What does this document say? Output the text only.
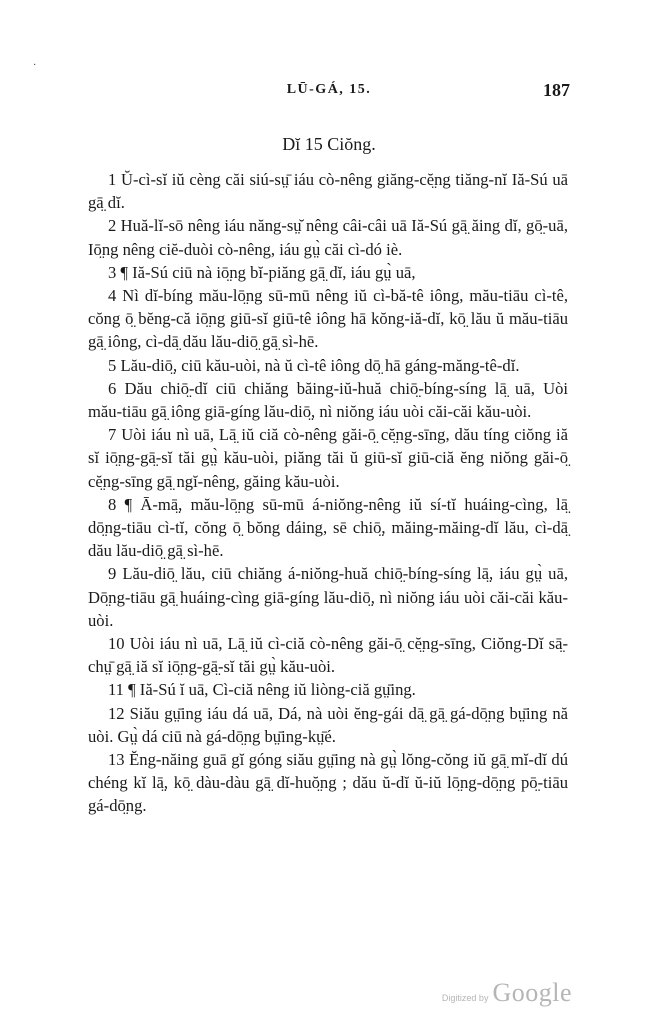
·
LŪ-GÁ, 15.	187
Dĭ 15 Ciŏng.

1 Ŭ-cì-sĭ iŭ cèng căi siú-sṳ̄ iáu cò-nêng giăng-cĕ̤ng tiăng-nĭ Iă-Sú uā gā̤ dĭ.

2 Huă-lĭ-sō nêng iáu năng-sṳ̆ nêng câi-câi uā Iă-Sú gā̤ ăing dĭ, gō̤-uā, Iō̤ng nêng ciĕ-duòi cò-nêng, iáu gṳ̀ căi cì-dó iè.

3 ¶ Iă-Sú ciū nà iō̤ng bĭ-piăng gā̤ dĭ, iáu gṳ̀ uā,

4 Nì dĭ-bíng mău-lō̤ng sū-mū nêng iŭ cì-bă-tê iông, mău-tiāu cì-tê, cŏng ō̤ bĕng-că iō̤ng giū-sĭ giū-tê iông hā kŏng-iă-dĭ, kō̤ lău ŭ mău-tiāu gā̤ iông, cì-dā̤ dău lău-diō̤ gā̤ sì-hē.

5 Lău-diō̤, ciū kău-uòi, nà ŭ cì-tê iông dō̤ hā gáng-măng-tê-dĭ.

6 Dău chiō̤-dĭ ciū chiăng băing-iŭ-huă chiō̤-bíng-síng lā̤ uā, Uòi mău-tiāu gā̤ iông giā-gíng lău-diō̤, nì niŏng iáu uòi căi-căi kău-uòi.

7 Uòi iáu nì uā, Lā̤ iŭ ciă cò-nêng găi-ō̤ cĕ̤ng-sīng, dău tíng ciŏng iă sĭ iō̤ng-gā̤-sĭ tăi gṳ̀ kău-uòi, piăng tăi ŭ giū-sĭ giū-ciă ĕng niŏng găi-ō̤ cĕ̤ng-sīng gā̤ ngĭ-nêng, găing kău-uòi.

8 ¶ Ā-mā̤, mău-lō̤ng sū-mū á-niŏng-nêng iŭ sí-tĭ huáing-cìng, lā̤ dō̤ng-tiāu cì-tĭ, cŏng ō̤ bŏng dáing, sē chiō̤, măing-măing-dĭ lău, cì-dā̤ dău lău-diō̤ gā̤ sì-hē.

9 Lău-diō̤ lău, ciū chiăng á-niŏng-huă chiō̤-bíng-síng lā̤, iáu gṳ̀ uā, Dō̤ng-tiāu gā̤ huáing-cìng giā-gíng lău-diō̤, nì niŏng iáu uòi căi-căi kău-uòi.

10 Uòi iáu nì uā, Lā̤ iŭ cì-ciă cò-nêng găi-ō̤ cĕ̤ng-sīng, Ciŏng-Dĭ sā̤-chṳ̄ gā̤ iă sĭ iō̤ng-gā̤-sĭ tăi gṳ̀ kău-uòi.

11 ¶ Iă-Sú ĭ uā, Cì-ciă nêng iŭ liòng-ciă gṳ̄ing.

12 Siău gṳ̄ing iáu dá uā, Dá, nà uòi ĕng-gái dā̤ gā̤ gá-dō̤ng bṳ̄ing nă uòi. Gṳ̀ dá ciū nà gá-dō̤ng bṳ̄ing-kṳ̄é.

13 Ĕng-năing guā gĭ góng siău gṳ̄ing nà gṳ̀ lŏng-cŏng iŭ gā̤ mĭ-dĭ dú chéng kĭ lā̤, kō̤ dàu-dàu gā̤ dĭ-huŏ̤ng ; dău ŭ-dĭ ŭ-iŭ lō̤ng-dō̤ng pō̤-tiāu gá-dō̤ng.

Digitized by Google
